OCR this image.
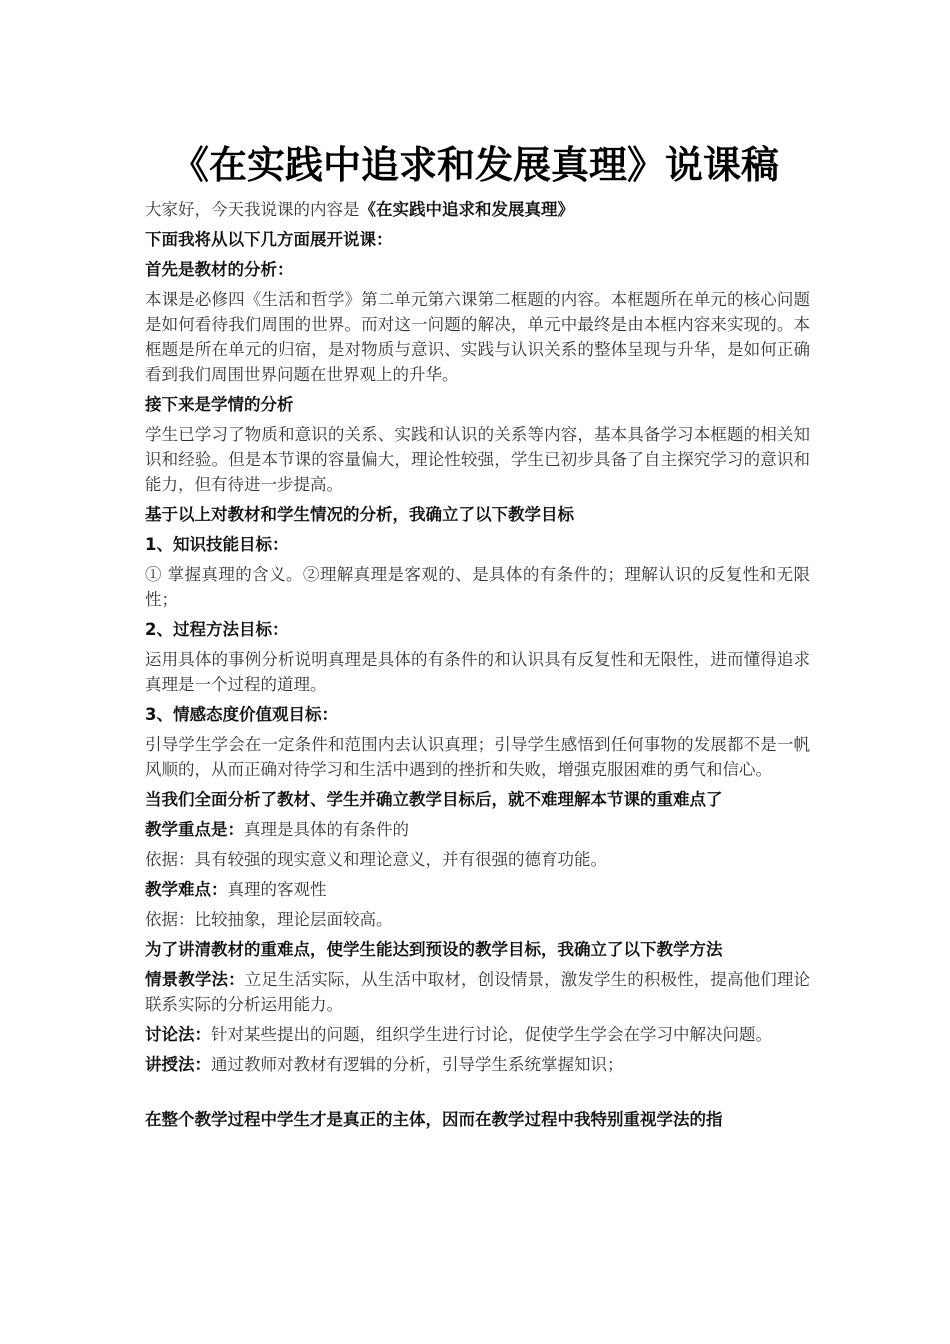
《在实践中追求和发展真理》说课稿

大家好，今天我说课的内容是《在实践中追求和发展真理》

下面我将从以下几方面展开说课：

首先是教材的分析：

本课是必修四《生活和哲学》第二单元第六课第二框题的内容。本框题所在单元的核心问题是如何看待我们周围的世界。而对这一问题的解决，单元中最终是由本框内容来实现的。本框题是所在单元的归宿，是对物质与意识、实践与认识关系的整体呈现与升华，是如何正确看到我们周围世界问题在世界观上的升华。

接下来是学情的分析

学生已学习了物质和意识的关系、实践和认识的关系等内容，基本具备学习本框题的相关知识和经验。但是本节课的容量偏大，理论性较强，学生已初步具备了自主探究学习的意识和能力，但有待进一步提高。

基于以上对教材和学生情况的分析，我确立了以下教学目标

1、知识技能目标：

① 掌握真理的含义。②理解真理是客观的、是具体的有条件的；理解认识的反复性和无限性；

2、过程方法目标：

运用具体的事例分析说明真理是具体的有条件的和认识具有反复性和无限性，进而懂得追求真理是一个过程的道理。

3、情感态度价值观目标：

引导学生学会在一定条件和范围内去认识真理；引导学生感悟到任何事物的发展都不是一帆风顺的，从而正确对待学习和生活中遇到的挫折和失败，增强克服困难的勇气和信心。

当我们全面分析了教材、学生并确立教学目标后，就不难理解本节课的重难点了

教学重点是：真理是具体的有条件的

依据：具有较强的现实意义和理论意义，并有很强的德育功能。

教学难点：真理的客观性

依据：比较抽象，理论层面较高。

为了讲清教材的重难点，使学生能达到预设的教学目标，我确立了以下教学方法

情景教学法：立足生活实际，从生活中取材，创设情景，激发学生的积极性，提高他们理论联系实际的分析运用能力。

讨论法：针对某些提出的问题，组织学生进行讨论，促使学生学会在学习中解决问题。

讲授法：通过教师对教材有逻辑的分析，引导学生系统掌握知识；

在整个教学过程中学生才是真正的主体，因而在教学过程中我特别重视学法的指
